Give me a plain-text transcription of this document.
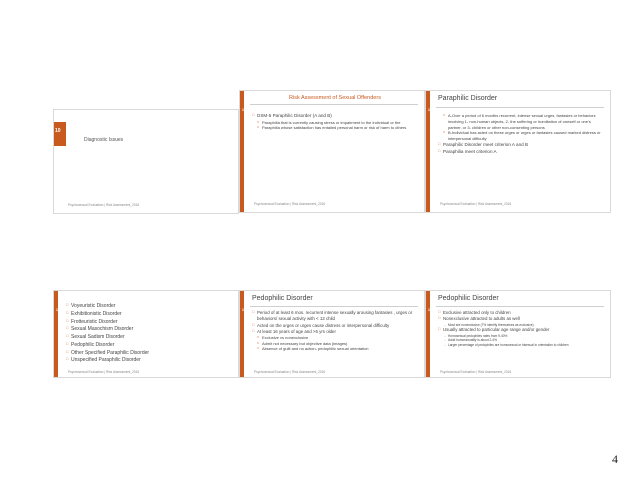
10
Diagnostic Issues
Psychosexual Evaluation | Risk Assessment_2016
11
Risk Assessment of Sexual Offenders
□ DSM-5 Paraphilic Disorder (A and B)
□ Paraphilia that is currently causing stress or impairment to the individual or the
□ Paraphilia whose satisfaction has entailed personal harm or risk of harm to others
Psychosexual Evaluation | Risk Assessment_2016
12
Paraphilic Disorder
□ A-Over a period of 6 months recurrent, intense sexual urges, fantasies or behaviors involving 1- non-human objects, 2- the suffering or humiliation of oneself or one's partner, or 3- children or other non-consenting persons
□ B-Individual has acted on these urges or urges or fantasies caused marked distress or interpersonal difficulty
□ Paraphilic Disorder meet criterion A and B
□ Paraphilia meet criterion A
Psychosexual Evaluation | Risk Assessment_2016
13
□ Voyeuristic Disorder
□ Exhibitionistic Disorder
□ Frotteuristic Disorder
□ Sexual Masochism Disorder
□ Sexual Sadism Disorder
□ Pedophilic Disorder
□ Other Specified Paraphilic Disorder
□ Unspecified Paraphilic Disorder
Psychosexual Evaluation | Risk Assessment_2016
14
Pedophilic Disorder
□ Period of at least 6 mos. recurrent intense sexually arousing fantasies , urges or behaviors/ sexual activity with < 13 child
□ Acted on the urges or urges cause distress or interpersonal difficulty
□ At least 16 years of age and >5 yrs older
□ Exclusive vs nonexclusive
□ Admit not necessary but objective data (images)
□ Absence of guilt and no action- pedophilic sexual orientation
Psychosexual Evaluation | Risk Assessment_2016
15
Pedophilic Disorder
□ Exclusive attracted only to children
□ Nonexclusive attracted to adults as well
– Most are nonexclusive (7% identify themselves as exclusive)
□ Usually attracted to particular age range and/or gender
– Homosexual pedophiles rates from 9-40%
– Adult homosexuality is about 2-4%
– Larger percentage of pedophiles are homosexual or bisexual in orientation to children
Psychosexual Evaluation | Risk Assessment_2016
4
